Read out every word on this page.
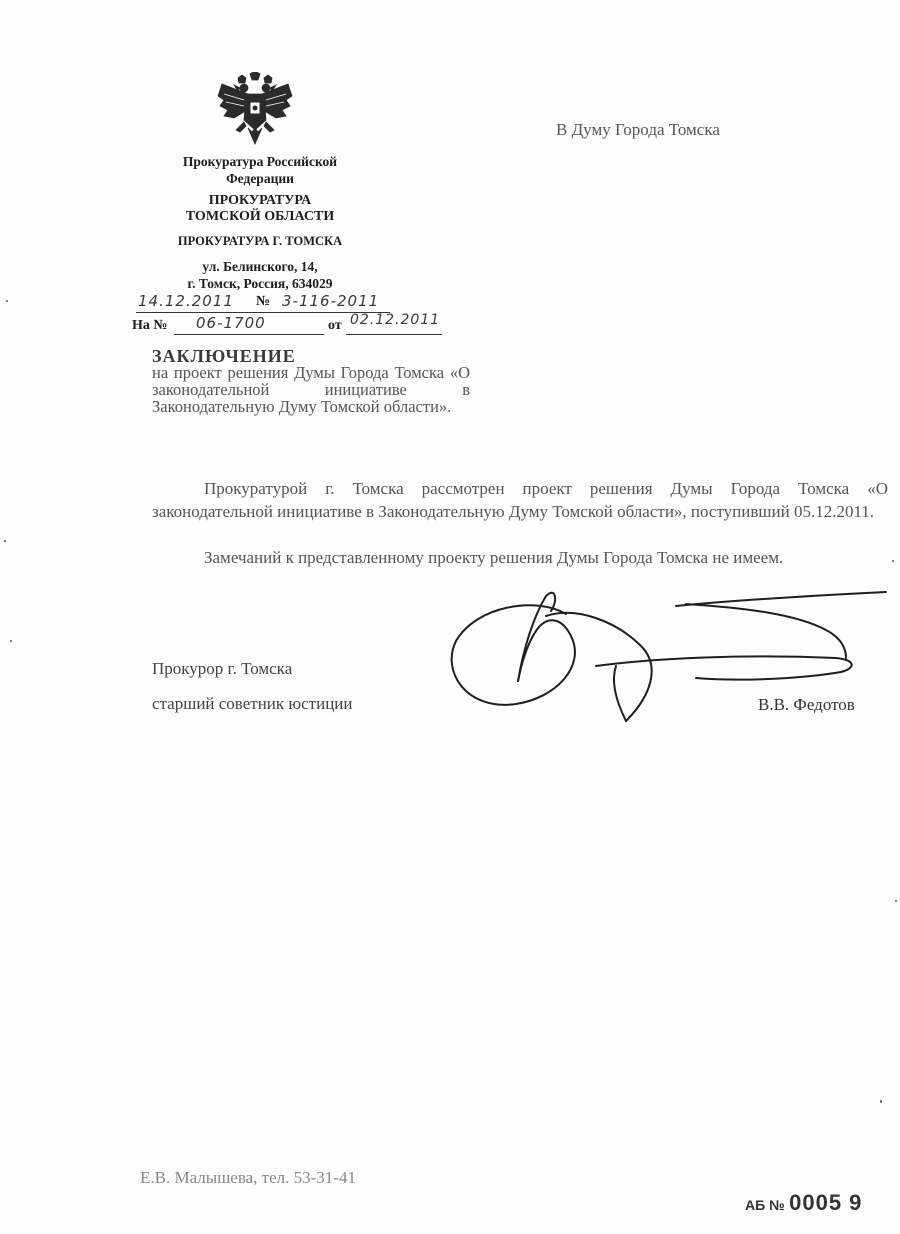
Прокуратура Российской
Федерации
ПРОКУРАТУРА
ТОМСКОЙ ОБЛАСТИ
ПРОКУРАТУРА Г. ТОМСКА
ул. Белинского, 14,
г. Томск, Россия, 634029
14.12.2011 № 3-116-2011
На № 06-1700	от 02.12.2011
В Думу Города Томска
ЗАКЛЮЧЕНИЕ
на проект решения Думы Города Томска «О законодательной инициативе в Законодательную Думу Томской области».
Прокуратурой г. Томска рассмотрен проект решения Думы Города Томска «О законодательной инициативе в Законодательную Думу Томской области», поступивший 05.12.2011.
Замечаний к представленному проекту решения Думы Города Томска не имеем.
Прокурор г. Томска
старший советник юстиции	В.В. Федотов
Е.В. Малышева, тел. 53-31-41
АБ № 0005 9
